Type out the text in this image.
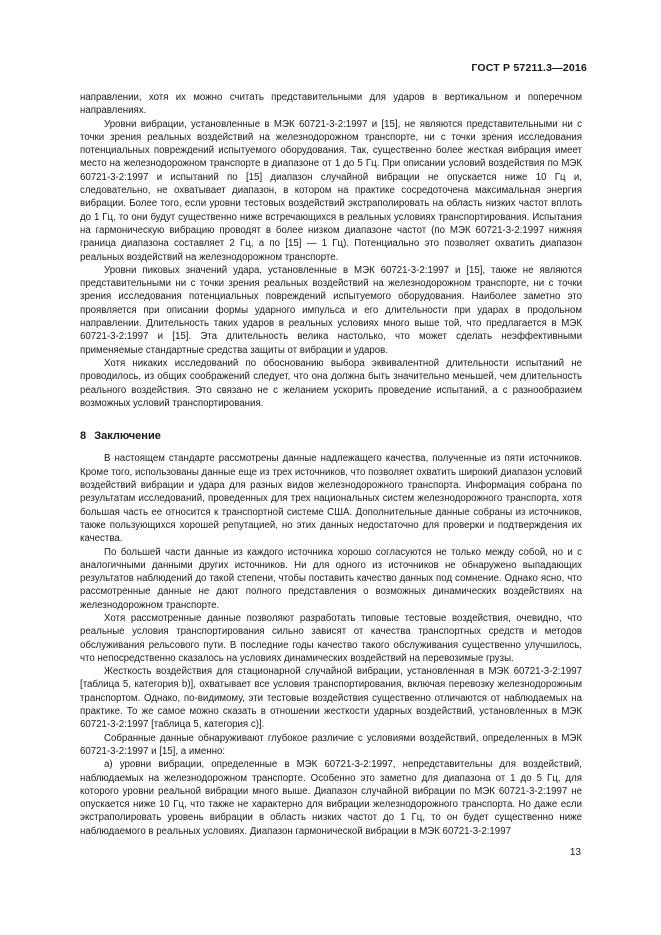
ГОСТ Р 57211.3—2016

направлении, хотя их можно считать представительными для ударов в вертикальном и поперечном направлениях.

Уровни вибрации, установленные в МЭК 60721-3-2:1997 и [15], не являются представительными ни с точки зрения реальных воздействий на железнодорожном транспорте, ни с точки зрения исследования потенциальных повреждений испытуемого оборудования. Так, существенно более жесткая вибрация имеет место на железнодорожном транспорте в диапазоне от 1 до 5 Гц. При описании условий воздействия по МЭК 60721-3-2:1997 и испытаний по [15] диапазон случайной вибрации не опускается ниже 10 Гц и, следовательно, не охватывает диапазон, в котором на практике сосредоточена максимальная энергия вибрации. Более того, если уровни тестовых воздействий экстраполировать на область низких частот вплоть до 1 Гц, то они будут существенно ниже встречающихся в реальных условиях транспортирования. Испытания на гармоническую вибрацию проводят в более низком диапазоне частот (по МЭК 60721-3-2:1997 нижняя граница диапазона составляет 2 Гц, а по [15] — 1 Гц). Потенциально это позволяет охватить диапазон реальных воздействий на железнодорожном транспорте.

Уровни пиковых значений удара, установленные в МЭК 60721-3-2:1997 и [15], также не являются представительными ни с точки зрения реальных воздействий на железнодорожном транспорте, ни с точки зрения исследования потенциальных повреждений испытуемого оборудования. Наиболее заметно это проявляется при описании формы ударного импульса и его длительности при ударах в продольном направлении. Длительность таких ударов в реальных условиях много выше той, что предлагается в МЭК 60721-3-2:1997 и [15]. Эта длительность велика настолько, что может сделать неэффективными применяемые стандартные средства защиты от вибрации и ударов.

Хотя никаких исследований по обоснованию выбора эквивалентной длительности испытаний не проводилось, из общих соображений следует, что она должна быть значительно меньшей, чем длительность реального воздействия. Это связано не с желанием ускорить проведение испытаний, а с разнообразием возможных условий транспортирования.

8 Заключение

В настоящем стандарте рассмотрены данные надлежащего качества, полученные из пяти источников. Кроме того, использованы данные еще из трех источников, что позволяет охватить широкий диапазон условий воздействий вибрации и удара для разных видов железнодорожного транспорта. Информация собрана по результатам исследований, проведенных для трех национальных систем железнодорожного транспорта, хотя большая часть ее относится к транспортной системе США. Дополнительные данные собраны из источников, также пользующихся хорошей репутацией, но этих данных недостаточно для проверки и подтверждения их качества.

По большей части данные из каждого источника хорошо согласуются не только между собой, но и с аналогичными данными других источников. Ни для одного из источников не обнаружено выпадающих результатов наблюдений до такой степени, чтобы поставить качество данных под сомнение. Однако ясно, что рассмотренные данные не дают полного представления о возможных динамических воздействиях на железнодорожном транспорте.

Хотя рассмотренные данные позволяют разработать типовые тестовые воздействия, очевидно, что реальные условия транспортирования сильно зависят от качества транспортных средств и методов обслуживания рельсового пути. В последние годы качество такого обслуживания существенно улучшилось, что непосредственно сказалось на условиях динамических воздействий на перевозимые грузы.

Жесткость воздействия для стационарной случайной вибрации, установленная в МЭК 60721-3-2:1997 [таблица 5, категория b)], охватывает все условия транспортирования, включая перевозку железнодорожным транспортом. Однако, по-видимому, эти тестовые воздействия существенно отличаются от наблюдаемых на практике. То же самое можно сказать в отношении жесткости ударных воздействий, установленных в МЭК 60721-3-2:1997 [таблица 5, категория с)].

Собранные данные обнаруживают глубокое различие с условиями воздействий, определенных в МЭК 60721-3-2:1997 и [15], а именно:

а) уровни вибрации, определенные в МЭК 60721-3-2:1997, непредставительны для воздействий, наблюдаемых на железнодорожном транспорте. Особенно это заметно для диапазона от 1 до 5 Гц, для которого уровни реальной вибрации много выше. Диапазон случайной вибрации по МЭК 60721-3-2:1997 не опускается ниже 10 Гц, что также не характерно для вибрации железнодорожного транспорта. Но даже если экстраполировать уровень вибрации в область низких частот до 1 Гц, то он будет существенно ниже наблюдаемого в реальных условиях. Диапазон гармонической вибрации в МЭК 60721-3-2:1997

13
